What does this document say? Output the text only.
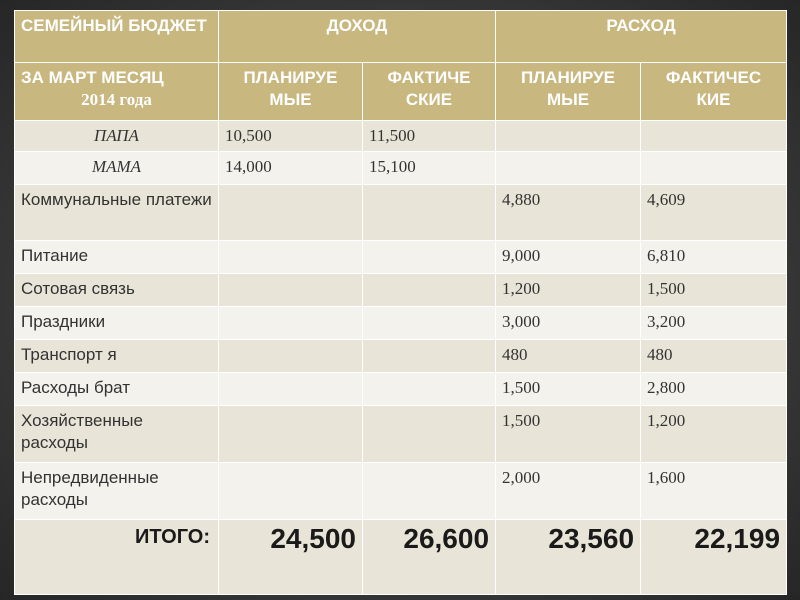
СЕМЕЙНЫЙ БЮДЖЕТ	ДОХОД		РАСХОД	

ЗА МАРТ МЕСЯЦ
2014 года	ПЛАНИРУЕ МЫЕ	ФАКТИЧЕ СКИЕ	ПЛАНИРУЕ МЫЕ	ФАКТИЧЕС КИЕ
ПАПА	10,500	11,500		
МАМА	14,000	15,100		
Коммунальные платежи			4,880	4,609
Питание			9,000	6,810
Сотовая связь			1,200	1,500
Праздники			3,000	3,200
Транспорт я			480	480
Расходы брат			1,500	2,800
Хозяйственные расходы			1,500	1,200
Непредвиденные расходы			2,000	1,600
ИТОГО:	24,500	26,600	23,560	22,199
